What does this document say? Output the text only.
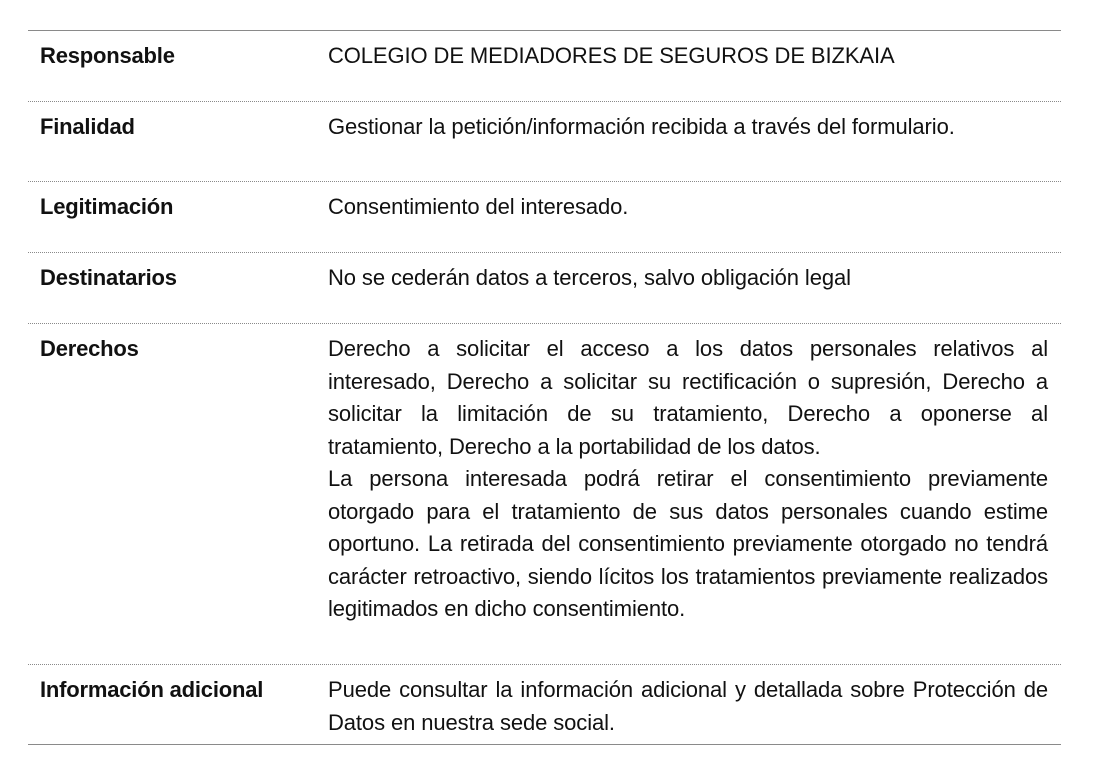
Responsable	COLEGIO DE MEDIADORES DE SEGUROS DE BIZKAIA
Finalidad	Gestionar la petición/información recibida a través del formulario.
Legitimación	Consentimiento del interesado.
Destinatarios	No se cederán datos a terceros, salvo obligación legal
Derechos	Derecho a solicitar el acceso a los datos personales relativos al interesado, Derecho a solicitar su rectificación o supresión, Derecho a solicitar la limitación de su tratamiento, Derecho a oponerse al tratamiento, Derecho a la portabilidad de los datos.

La persona interesada podrá retirar el consentimiento previamente otorgado para el tratamiento de sus datos personales cuando estime oportuno. La retirada del consentimiento previamente otorgado no tendrá carácter retroactivo, siendo lícitos los tratamientos previamente realizados legitimados en dicho consentimiento.

Información adicional	Puede consultar la información adicional y detallada sobre Protección de Datos en nuestra sede social.
